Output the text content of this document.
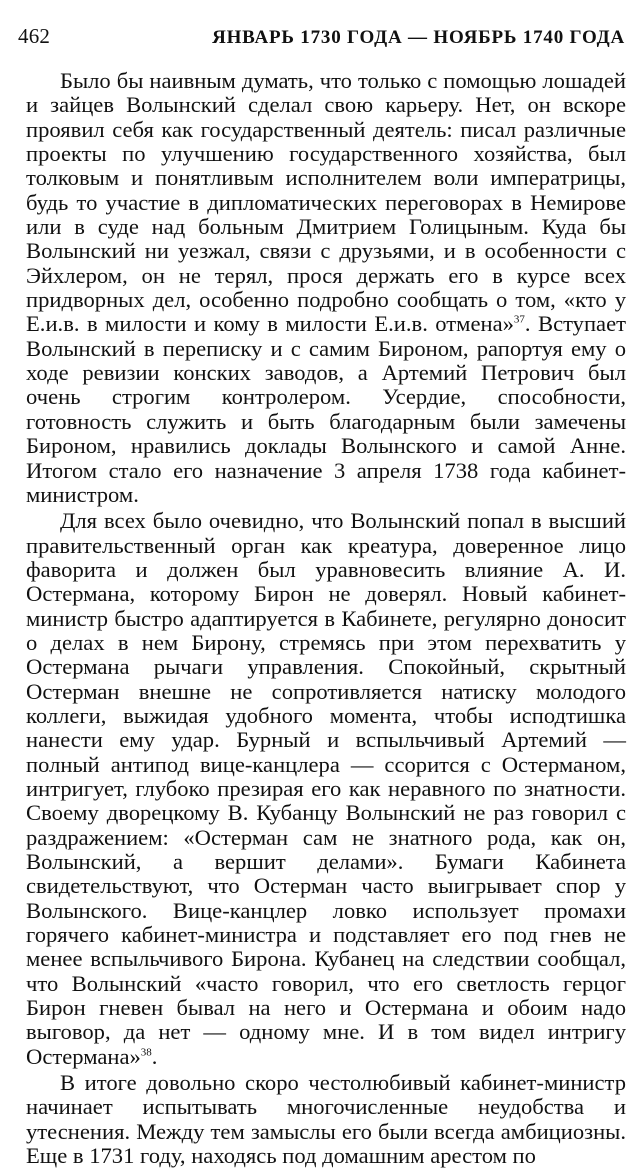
462	ЯНВАРЬ 1730 ГОДА — НОЯБРЬ 1740 ГОДА

Было бы наивным думать, что только с помощью лошадей и зайцев Волынский сделал свою карьеру. Нет, он вскоре проявил себя как государственный деятель: писал различные проекты по улучшению государственного хозяйства, был толковым и понятливым исполнителем воли императрицы, будь то участие в дипломатических переговорах в Немирове или в суде над больным Дмитрием Голицыным. Куда бы Волынский ни уезжал, связи с друзьями, и в особенности с Эйхлером, он не терял, прося держать его в курсе всех придворных дел, особенно подробно сообщать о том, «кто у Е.и.в. в милости и кому в милости Е.и.в. отмена»$^{37}$. Вступает Волынский в переписку и с самим Бироном, рапортуя ему о ходе ревизии конских заводов, а Артемий Петрович был очень строгим контролером. Усердие, способности, готовность служить и быть благодарным были замечены Бироном, нравились доклады Волынского и самой Анне. Итогом стало его назначение 3 апреля 1738 года кабинет-министром.

Для всех было очевидно, что Волынский попал в высший правительственный орган как креатура, доверенное лицо фаворита и должен был уравновесить влияние А. И. Остермана, которому Бирон не доверял. Новый кабинет-министр быстро адаптируется в Кабинете, регулярно доносит о делах в нем Бирону, стремясь при этом перехватить у Остермана рычаги управления. Спокойный, скрытный Остерман внешне не сопротивляется натиску молодого коллеги, выжидая удобного момента, чтобы исподтишка нанести ему удар. Бурный и вспыльчивый Артемий — полный антипод вице-канцлера — ссорится с Остерманом, интригует, глубоко презирая его как неравного по знатности. Своему дворецкому В. Кубанцу Волынский не раз говорил с раздражением: «Остерман сам не знатного рода, как он, Волынский, а вершит делами». Бумаги Кабинета свидетельствуют, что Остерман часто выигрывает спор у Волынского. Вице-канцлер ловко использует промахи горячего кабинет-министра и подставляет его под гнев не менее вспыльчивого Бирона. Кубанец на следствии сообщал, что Волынский «часто говорил, что его светлость герцог Бирон гневен бывал на него и Остермана и обоим надо выговор, да нет — одному мне. И в том видел интригу Остермана»$^{38}$.

В итоге довольно скоро честолюбивый кабинет-министр начинает испытывать многочисленные неудобства и утеснения. Между тем замыслы его были всегда амбициозны. Еще в 1731 году, находясь под домашним арестом по
